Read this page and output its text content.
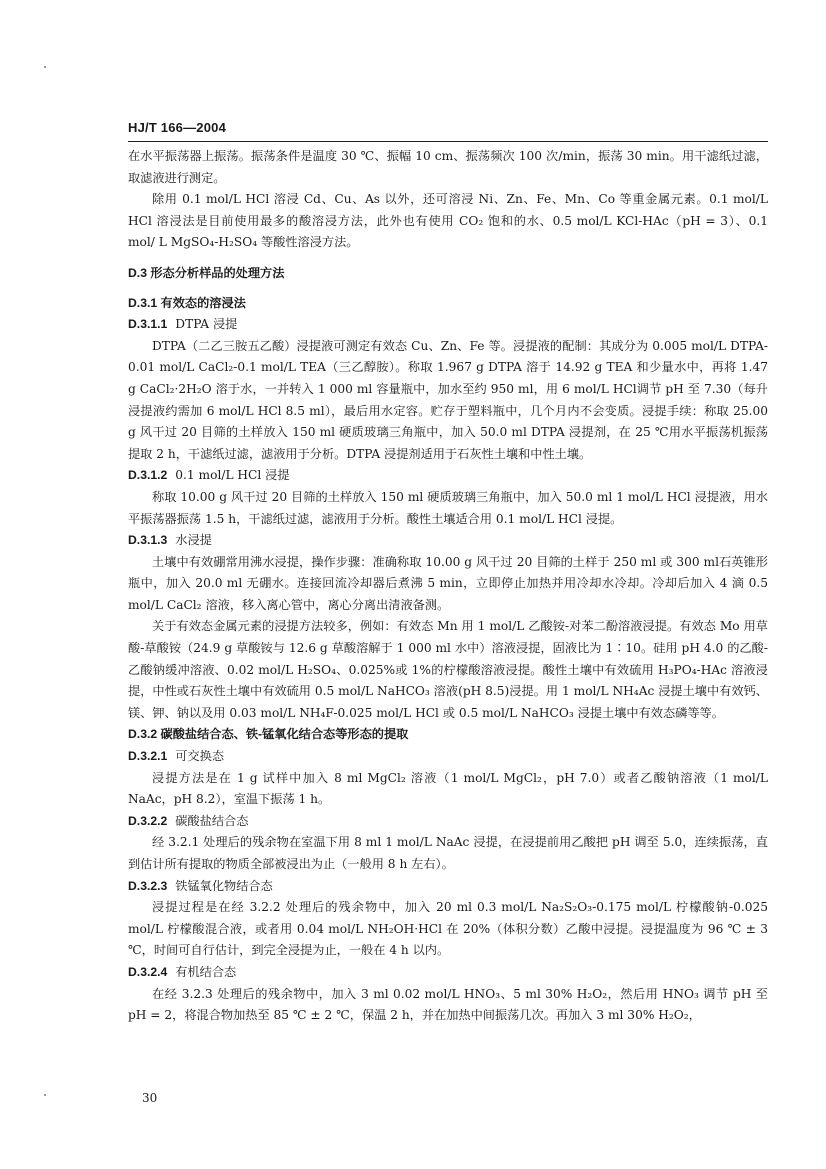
HJ/T 166—2004

在水平振荡器上振荡。振荡条件是温度 30 ℃、振幅 10 cm、振荡频次 100 次/min，振荡 30 min。用干滤纸过滤，取滤液进行测定。

除用 0.1 mol/L HCl 溶浸 Cd、Cu、As 以外，还可溶浸 Ni、Zn、Fe、Mn、Co 等重金属元素。0.1 mol/L HCl 溶浸法是目前使用最多的酸溶浸方法，此外也有使用 CO₂ 饱和的水、0.5 mol/L KCl-HAc（pH = 3）、0.1 mol/ L MgSO₄-H₂SO₄ 等酸性溶浸方法。

D.3 形态分析样品的处理方法

D.3.1 有效态的溶浸法

D.3.1.1 DTPA 浸提

DTPA（二乙三胺五乙酸）浸提液可测定有效态 Cu、Zn、Fe 等。浸提液的配制：其成分为 0.005 mol/L DTPA-0.01 mol/L CaCl₂-0.1 mol/L TEA（三乙醇胺）。称取 1.967 g DTPA 溶于 14.92 g TEA 和少量水中，再将 1.47 g CaCl₂·2H₂O 溶于水，一并转入 1 000 ml 容量瓶中，加水至约 950 ml，用 6 mol/L HCl调节 pH 至 7.30（每升浸提液约需加 6 mol/L HCl 8.5 ml），最后用水定容。贮存于塑料瓶中，几个月内不会变质。浸提手续：称取 25.00 g 风干过 20 目筛的土样放入 150 ml 硬质玻璃三角瓶中，加入 50.0 ml DTPA 浸提剂，在 25 ℃用水平振荡机振荡提取 2 h，干滤纸过滤，滤液用于分析。DTPA 浸提剂适用于石灰性土壤和中性土壤。

D.3.1.2 0.1 mol/L HCl 浸提

称取 10.00 g 风干过 20 目筛的土样放入 150 ml 硬质玻璃三角瓶中，加入 50.0 ml 1 mol/L HCl 浸提液，用水平振荡器振荡 1.5 h，干滤纸过滤，滤液用于分析。酸性土壤适合用 0.1 mol/L HCl 浸提。

D.3.1.3 水浸提

土壤中有效硼常用沸水浸提，操作步骤：准确称取 10.00 g 风干过 20 目筛的土样于 250 ml 或 300 ml石英锥形瓶中，加入 20.0 ml 无硼水。连接回流冷却器后煮沸 5 min，立即停止加热并用冷却水冷却。冷却后加入 4 滴 0.5 mol/L CaCl₂ 溶液，移入离心管中，离心分离出清液备测。

关于有效态金属元素的浸提方法较多，例如：有效态 Mn 用 1 mol/L 乙酸铵-对苯二酚溶液浸提。有效态 Mo 用草酸-草酸铵（24.9 g 草酸铵与 12.6 g 草酸溶解于 1 000 ml 水中）溶液浸提，固液比为 1∶10。硅用 pH 4.0 的乙酸-乙酸钠缓冲溶液、0.02 mol/L H₂SO₄、0.025%或 1%的柠檬酸溶液浸提。酸性土壤中有效硫用 H₃PO₄-HAc 溶液浸提，中性或石灰性土壤中有效硫用 0.5 mol/L NaHCO₃ 溶液(pH 8.5)浸提。用 1 mol/L NH₄Ac 浸提土壤中有效钙、镁、钾、钠以及用 0.03 mol/L NH₄F-0.025 mol/L HCl 或 0.5 mol/L NaHCO₃ 浸提土壤中有效态磷等等。

D.3.2 碳酸盐结合态、铁-锰氧化结合态等形态的提取

D.3.2.1 可交换态

浸提方法是在 1 g 试样中加入 8 ml MgCl₂ 溶液（1 mol/L MgCl₂，pH 7.0）或者乙酸钠溶液（1 mol/L NaAc，pH 8.2），室温下振荡 1 h。

D.3.2.2 碳酸盐结合态

经 3.2.1 处理后的残余物在室温下用 8 ml 1 mol/L NaAc 浸提，在浸提前用乙酸把 pH 调至 5.0，连续振荡，直到估计所有提取的物质全部被浸出为止（一般用 8 h 左右）。

D.3.2.3 铁锰氧化物结合态

浸提过程是在经 3.2.2 处理后的残余物中，加入 20 ml 0.3 mol/L Na₂S₂O₃-0.175 mol/L 柠檬酸钠-0.025 mol/L 柠檬酸混合液，或者用 0.04 mol/L NH₂OH·HCl 在 20%（体积分数）乙酸中浸提。浸提温度为 96 ℃ ± 3 ℃，时间可自行估计，到完全浸提为止，一般在 4 h 以内。

D.3.2.4 有机结合态

在经 3.2.3 处理后的残余物中，加入 3 ml 0.02 mol/L HNO₃、5 ml 30% H₂O₂，然后用 HNO₃ 调节 pH 至 pH = 2，将混合物加热至 85 ℃ ± 2 ℃，保温 2 h，并在加热中间振荡几次。再加入 3 ml 30% H₂O₂，

30
